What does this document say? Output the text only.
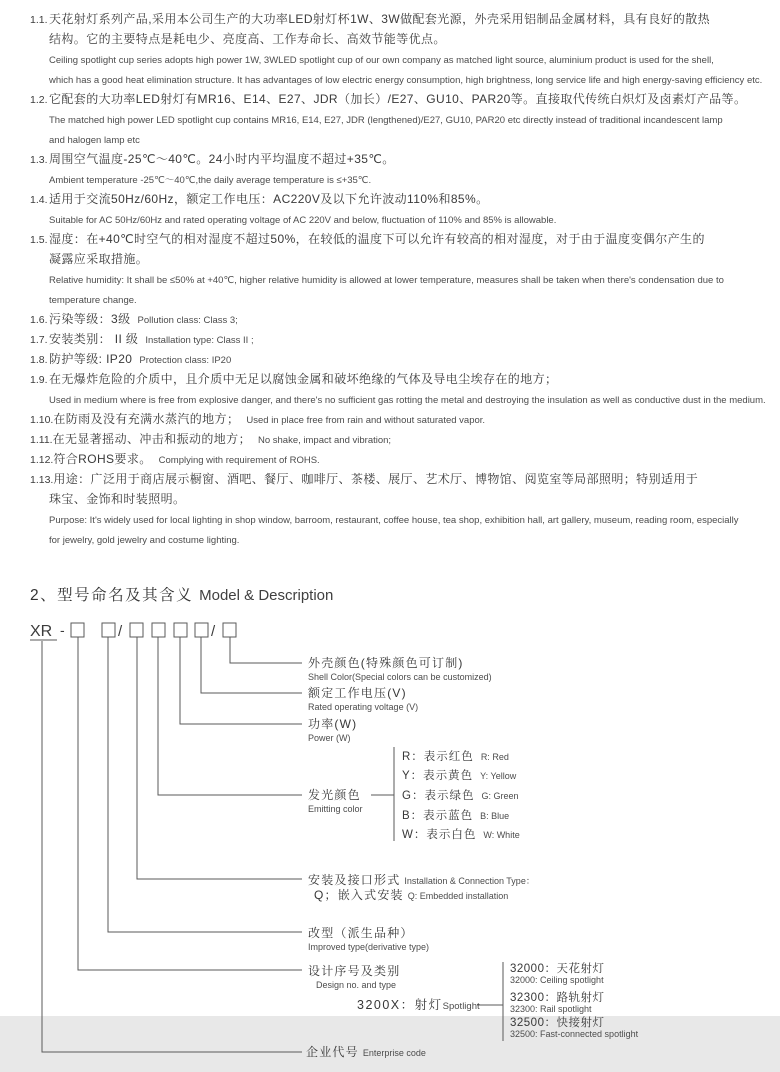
1.1.天花射灯系列产品,采用本公司生产的大功率LED射灯杯1W、3W做配套光源，外壳采用铝制品金属材料，具有良好的散热
结构。它的主要特点是耗电少、亮度高、工作寿命长、高效节能等优点。
Ceiling spotlight cup series adopts high power 1W, 3WLED spotlight cup of our own company as matched light source, aluminium product is used for the shell,
which has a good heat elimination structure. It has advantages of low electric energy consumption, high brightness, long service life and high energy-saving efficiency etc.
1.2.它配套的大功率LED射灯有MR16、E14、E27、JDR（加长）/E27、GU10、PAR20等。直接取代传统白炽灯及卤素灯产品等。
The matched high power LED spotlight cup contains MR16, E14, E27, JDR (lengthened)/E27, GU10, PAR20 etc directly instead of traditional incandescent lamp
and halogen lamp etc
1.3.周围空气温度-25℃～40℃。24小时内平均温度不超过+35℃。
Ambient temperature -25℃～40℃,the daily average temperature is ≤+35℃.
1.4.适用于交流50Hz/60Hz，额定工作电压：AC220V及以下允许波动110%和85%。
Suitable for AC 50Hz/60Hz and rated operating voltage of AC 220V and below, fluctuation of 110% and 85% is allowable.
1.5.湿度：在+40℃时空气的相对湿度不超过50%，在较低的温度下可以允许有较高的相对湿度，对于由于温度变偶尔产生的
凝露应采取措施。
Relative humidity: It shall be ≤50% at +40℃, higher relative humidity is allowed at lower temperature, measures shall be taken when there's condensation due to
temperature change.
1.6.污染等级：3级 Pollution class: Class 3;
1.7.安装类别： II 级 Installation type: Class II ;
1.8.防护等级: IP20 Protection class: IP20
1.9.在无爆炸危险的介质中，且介质中无足以腐蚀金属和破坏绝缘的气体及导电尘埃存在的地方；
Used in medium where is free from explosive danger, and there's no sufficient gas rotting the metal and destroying the insulation as well as conductive dust in the medium.
1.10.在防雨及没有充满水蒸汽的地方； Used in place free from rain and without saturated vapor.
1.11.在无显著摇动、冲击和振动的地方； No shake, impact and vibration;
1.12.符合ROHS要求。 Complying with requirement of ROHS.
1.13.用途：广泛用于商店展示橱窗、酒吧、餐厅、咖啡厅、茶楼、展厅、艺术厅、博物馆、阅览室等局部照明；特别适用于
珠宝、金饰和时装照明。
Purpose: It's widely used for local lighting in shop window, barroom, restaurant, coffee house, tea shop, exhibition hall, art gallery, museum, reading room, especially
for jewelry, gold jewelry and costume lighting.
2、型号命名及其含义 Model & Description
XR -	/	/
外壳颜色(特殊颜色可订制)
Shell Color(Special colors can be customized)
额定工作电压(V)
Rated operating voltage (V)
功率(W)
Power (W)
发光颜色
Emitting color
R：表示红色 R: Red
Y：表示黄色 Y: Yellow
G：表示绿色 G: Green
B：表示蓝色 B: Blue
W：表示白色 W: White
安装及接口形式 Installation & Connection Type：
Q；嵌入式安装 Q: Embedded installation
改型（派生品种）
Improved type(derivative type)
设计序号及类别
Design no. and type
3200X：射灯Spotlight
32000：天花射灯
32000: Ceiling spotlight
32300：路轨射灯
32300: Rail spotlight
32500：快接射灯
32500: Fast-connected spotlight
企业代号 Enterprise code
